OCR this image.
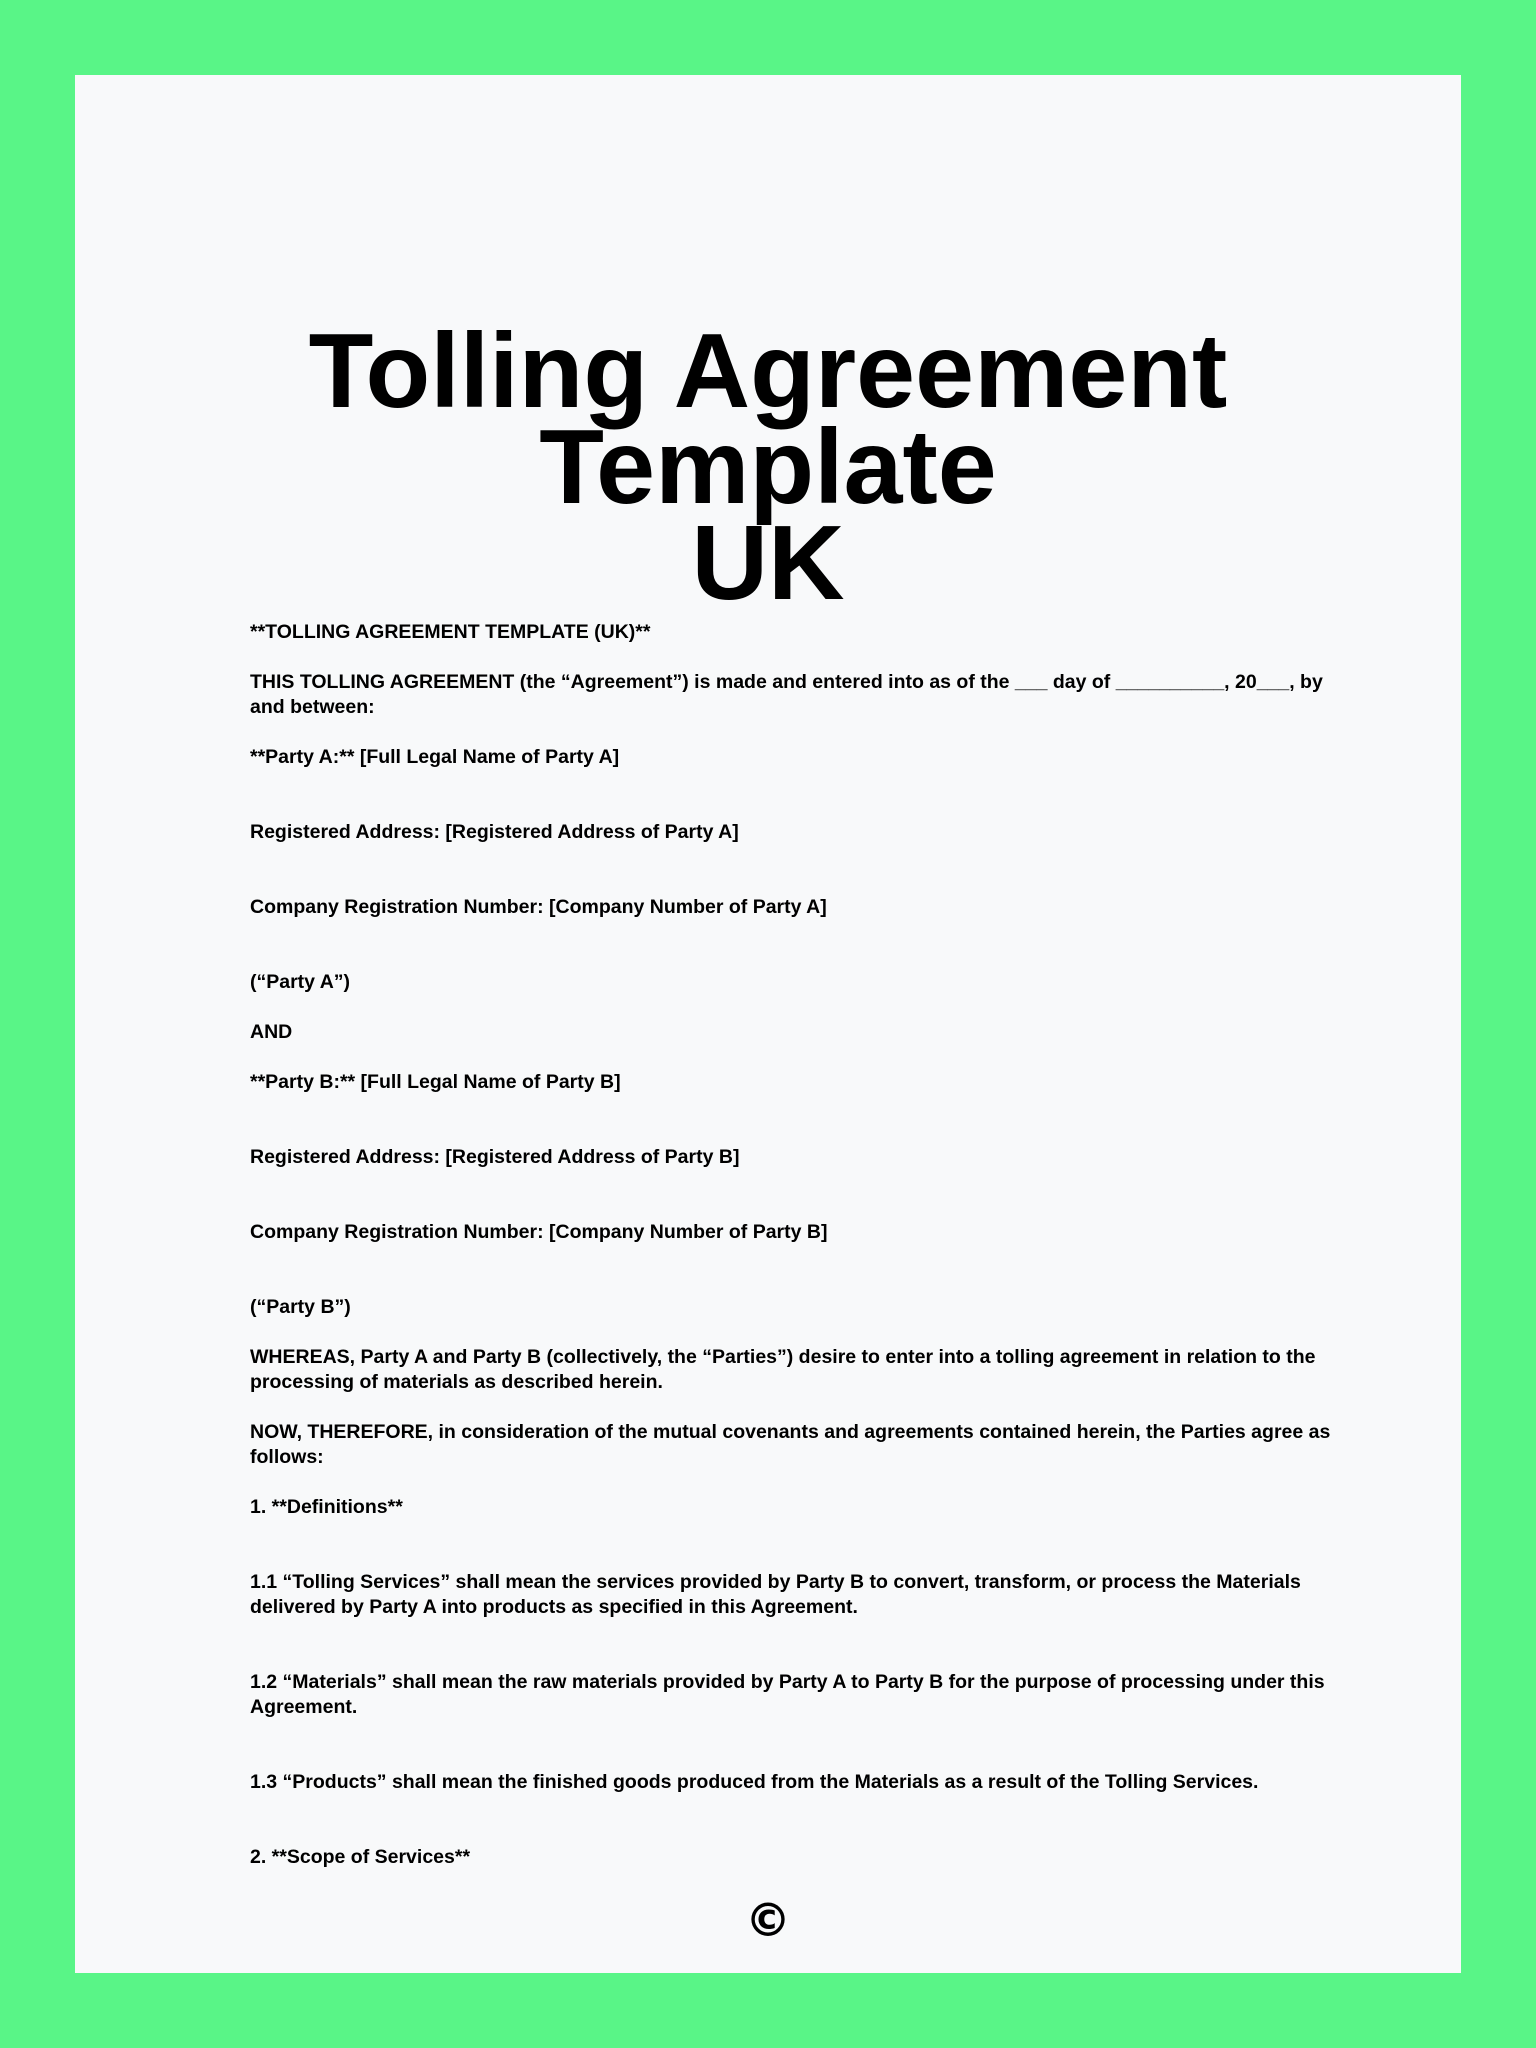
Tolling Agreement Template
UK

**TOLLING AGREEMENT TEMPLATE (UK)**

THIS TOLLING AGREEMENT (the “Agreement”) is made and entered into as of the ___ day of __________, 20___, by and between:

**Party A:** [Full Legal Name of Party A]

Registered Address: [Registered Address of Party A]

Company Registration Number: [Company Number of Party A]

(“Party A”)

AND

**Party B:** [Full Legal Name of Party B]

Registered Address: [Registered Address of Party B]

Company Registration Number: [Company Number of Party B]

(“Party B”)

WHEREAS, Party A and Party B (collectively, the “Parties”) desire to enter into a tolling agreement in relation to the processing of materials as described herein.

NOW, THEREFORE, in consideration of the mutual covenants and agreements contained herein, the Parties agree as follows:

1. **Definitions**

1.1 “Tolling Services” shall mean the services provided by Party B to convert, transform, or process the Materials delivered by Party A into products as specified in this Agreement.

1.2 “Materials” shall mean the raw materials provided by Party A to Party B for the purpose of processing under this Agreement.

1.3 “Products” shall mean the finished goods produced from the Materials as a result of the Tolling Services.

2. **Scope of Services**

©
